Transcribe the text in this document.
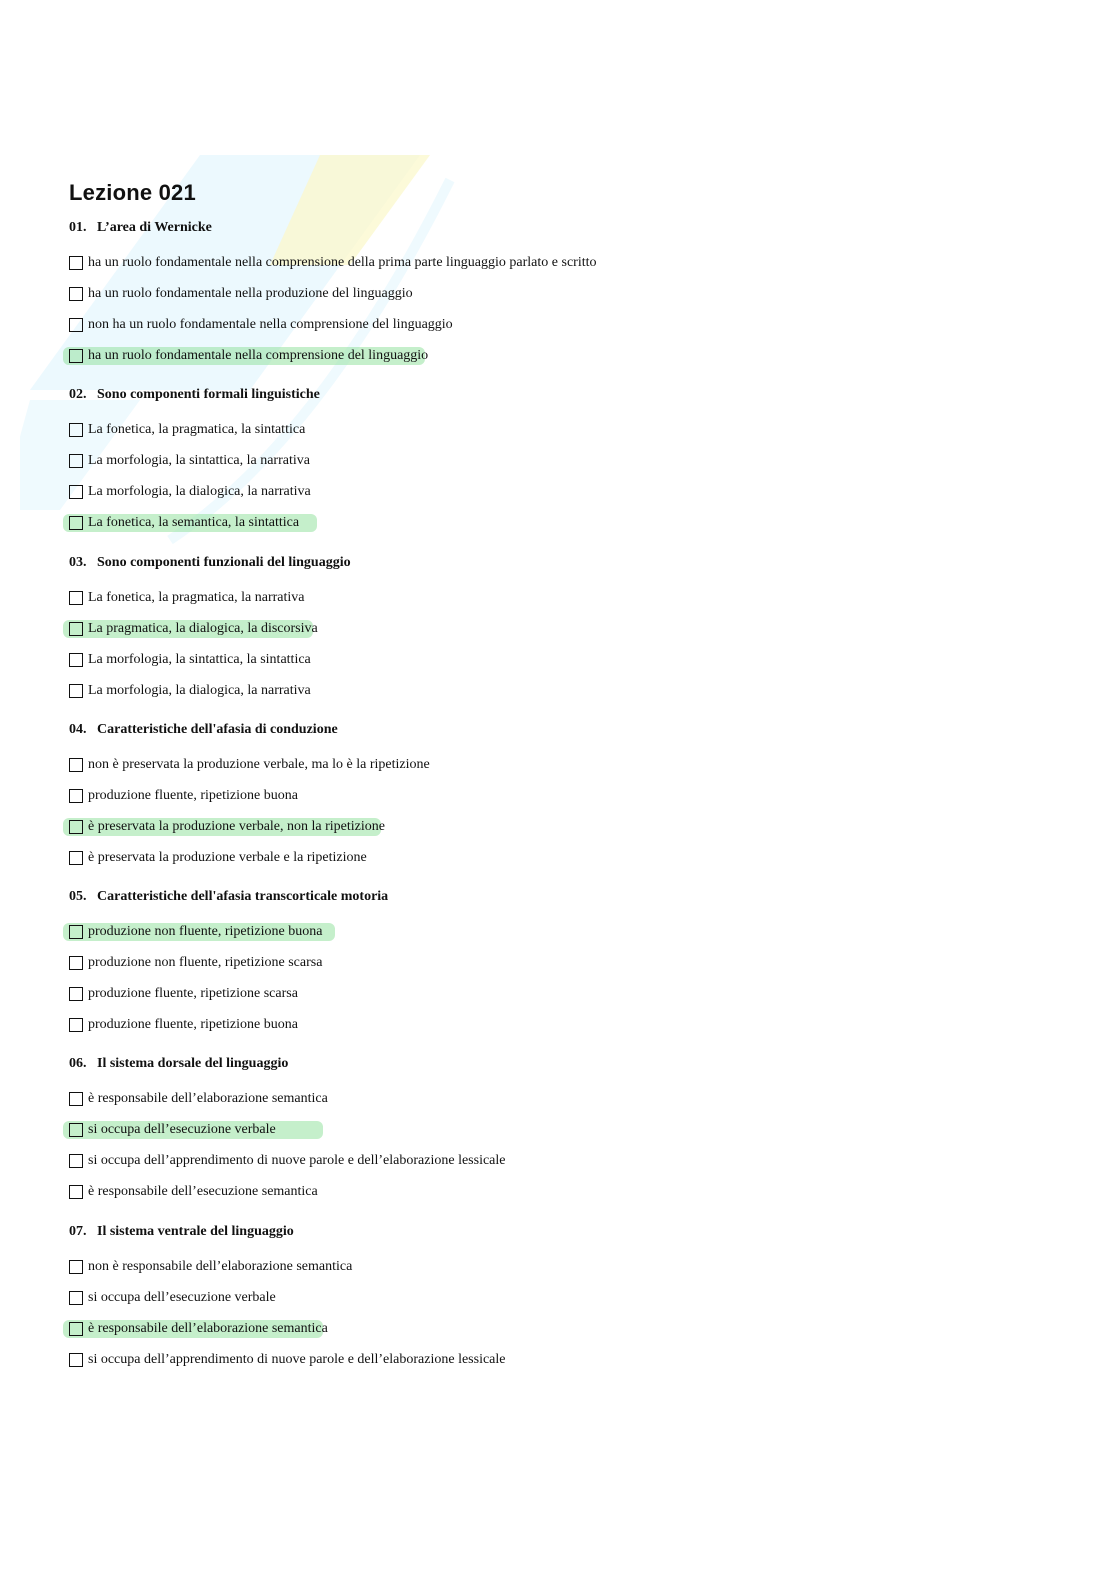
Lezione 021
01. L’area di Wernicke
ha un ruolo fondamentale nella comprensione della prima parte linguaggio parlato e scritto
ha un ruolo fondamentale nella produzione del linguaggio
non ha un ruolo fondamentale nella comprensione del linguaggio
ha un ruolo fondamentale nella comprensione del linguaggio
02. Sono componenti formali linguistiche
La fonetica, la pragmatica, la sintattica
La morfologia, la sintattica, la narrativa
La morfologia, la dialogica, la narrativa
La fonetica, la semantica, la sintattica
03. Sono componenti funzionali del linguaggio
La fonetica, la pragmatica, la narrativa
La pragmatica, la dialogica, la discorsiva
La morfologia, la sintattica, la sintattica
La morfologia, la dialogica, la narrativa
04. Caratteristiche dell'afasia di conduzione
non è preservata la produzione verbale, ma lo è la ripetizione
produzione fluente, ripetizione buona
è preservata la produzione verbale, non la ripetizione
è preservata la produzione verbale e la ripetizione
05. Caratteristiche dell'afasia transcorticale motoria
produzione non fluente, ripetizione buona
produzione non fluente, ripetizione scarsa
produzione fluente, ripetizione scarsa
produzione fluente, ripetizione buona
06. Il sistema dorsale del linguaggio
è responsabile dell’elaborazione semantica
si occupa dell’esecuzione verbale
si occupa dell’apprendimento di nuove parole e dell’elaborazione lessicale
è responsabile dell’esecuzione semantica
07. Il sistema ventrale del linguaggio
non è responsabile dell’elaborazione semantica
si occupa dell’esecuzione verbale
è responsabile dell’elaborazione semantica
si occupa dell’apprendimento di nuove parole e dell’elaborazione lessicale
